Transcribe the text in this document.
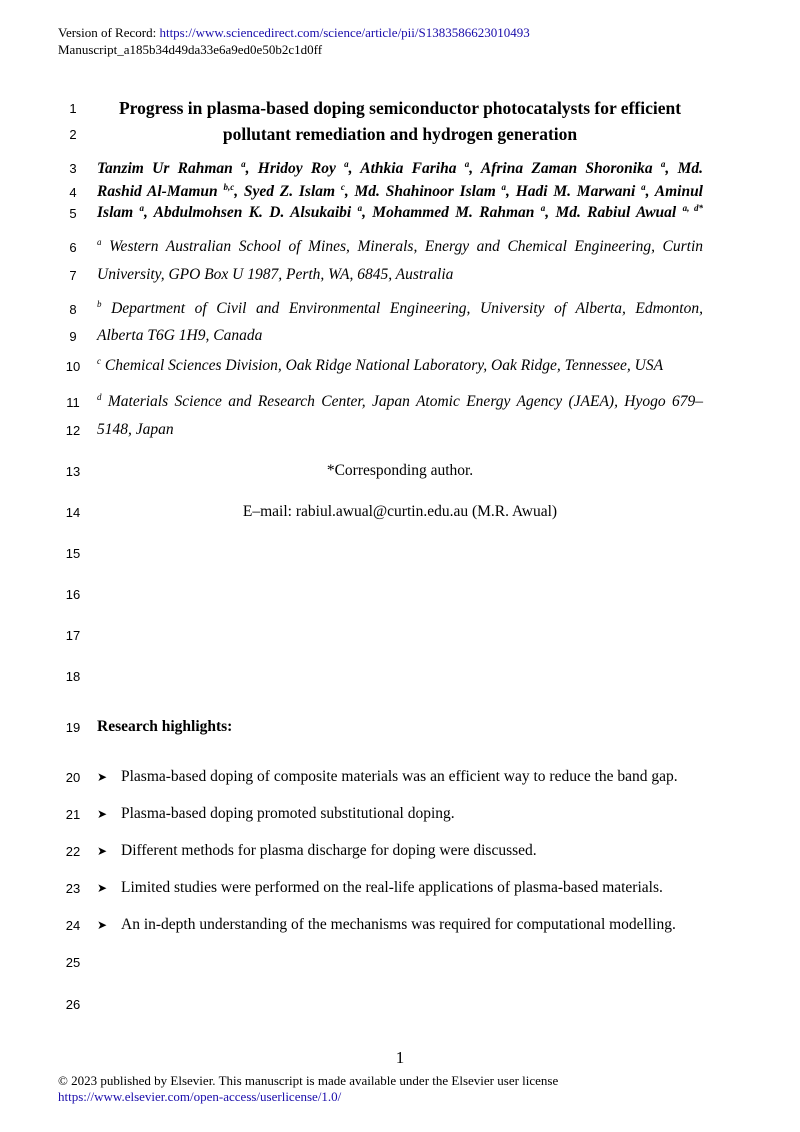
Version of Record: https://www.sciencedirect.com/science/article/pii/S1383586623010493
Manuscript_a185b34d49da33e6a9ed0e50b2c1d0ff
1
2
3
4
5
6
7
8
9
10
11
12
13
14
15
16
17
18
19
20
21
22
23
24
25
26
Progress in plasma-based doping semiconductor photocatalysts for efficient
pollutant remediation and hydrogen generation
Tanzim Ur Rahman $^a$, Hridoy Roy $^a$, Athkia Fariha $^a$, Afrina Zaman Shoronika $^a$, Md.
Rashid Al-Mamun $^{b,c}$, Syed Z. Islam $^c$, Md. Shahinoor Islam $^a$, Hadi M. Marwani $^a$, Aminul
Islam $^a$, Abdulmohsen K. D. Alsukaibi $^a$, Mohammed M. Rahman $^a$, Md. Rabiul Awual $^{a, d*}$
$^a$ Western Australian School of Mines, Minerals, Energy and Chemical Engineering, Curtin
University, GPO Box U 1987, Perth, WA, 6845, Australia
$^b$ Department of Civil and Environmental Engineering, University of Alberta, Edmonton,
Alberta T6G 1H9, Canada
$^c$ Chemical Sciences Division, Oak Ridge National Laboratory, Oak Ridge, Tennessee, USA
$^d$ Materials Science and Research Center, Japan Atomic Energy Agency (JAEA), Hyogo 679–
5148, Japan
*Corresponding author.
E–mail: rabiul.awual@curtin.edu.au (M.R. Awual)
Research highlights:
➤ Plasma-based doping of composite materials was an efficient way to reduce the band gap.
➤ Plasma-based doping promoted substitutional doping.
➤ Different methods for plasma discharge for doping were discussed.
➤ Limited studies were performed on the real-life applications of plasma-based materials.
➤ An in-depth understanding of the mechanisms was required for computational modelling.
1
© 2023 published by Elsevier. This manuscript is made available under the Elsevier user license
https://www.elsevier.com/open-access/userlicense/1.0/
